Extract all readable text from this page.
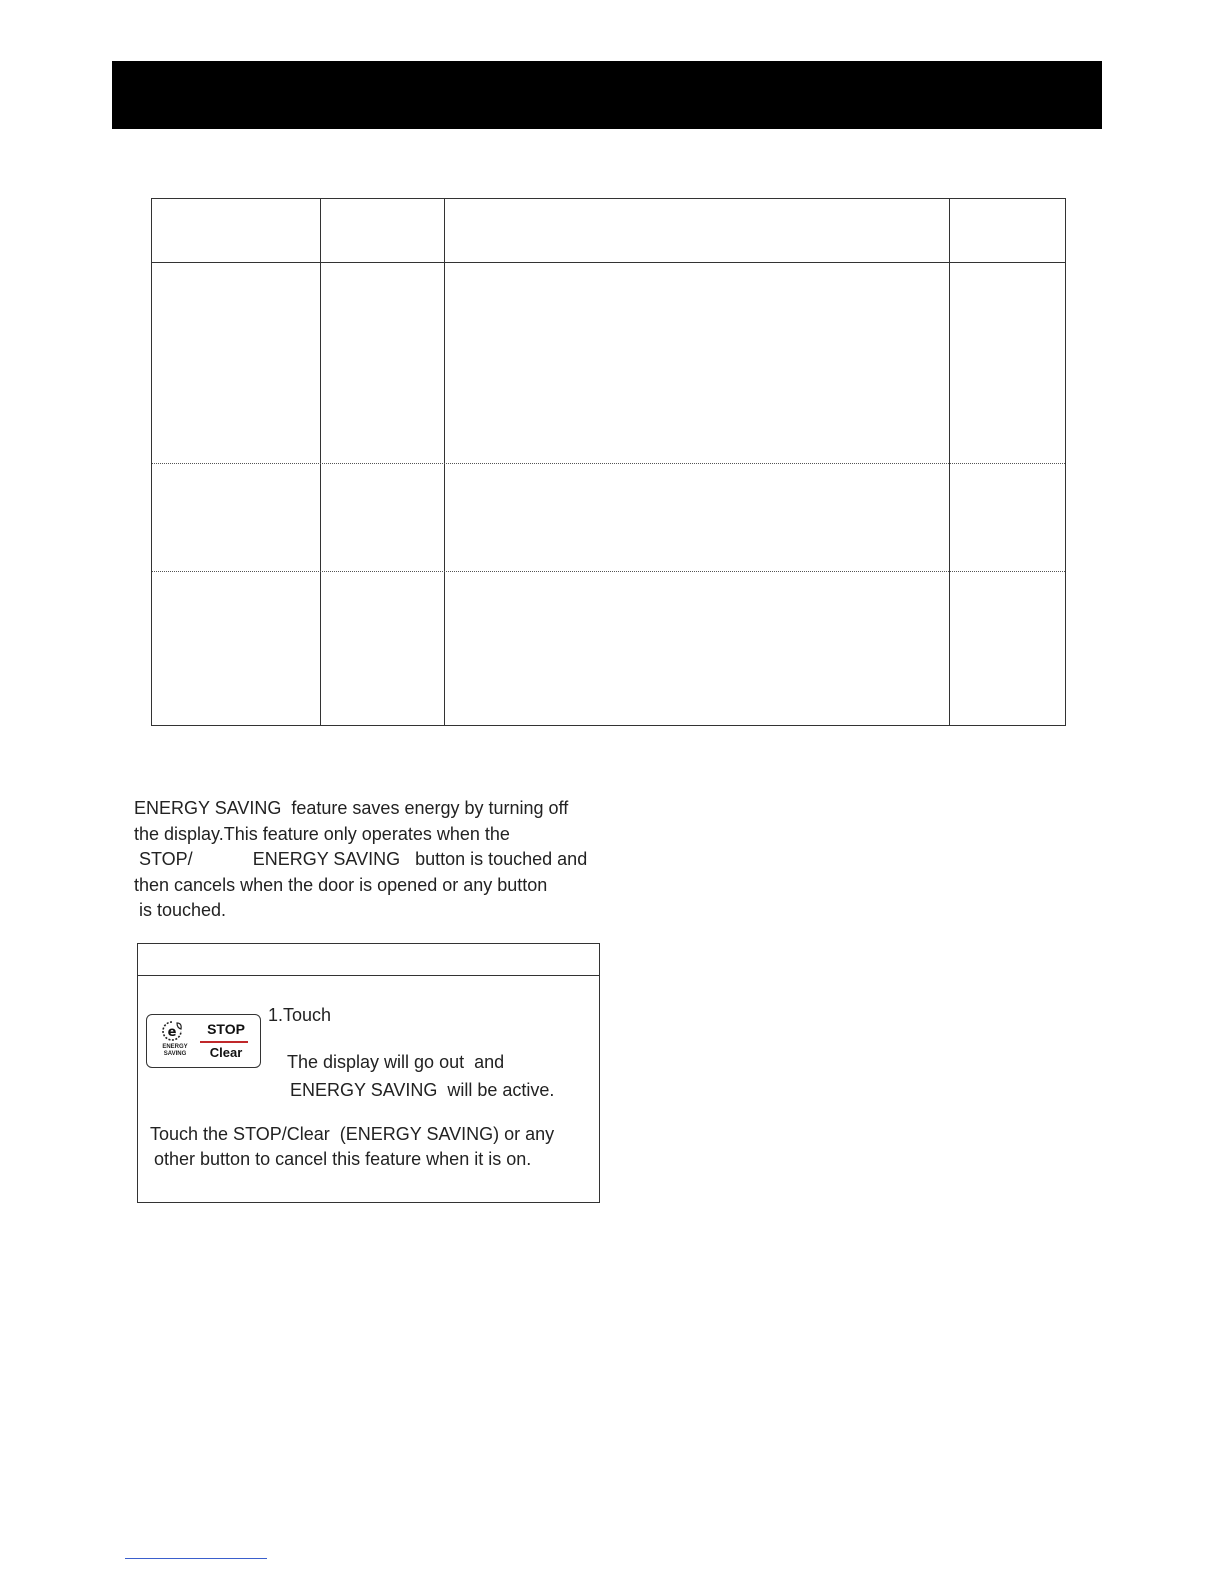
ENERGY SAVING  feature saves energy by turning off
the display.This feature only operates when the
STOP/            ENERGY SAVING   button is touched and
then cancels when the door is opened or any button
is touched.
e
ENERGY
SAVING
STOP
Clear
1.Touch
The display will go out  and
ENERGY SAVING  will be active.
Touch the STOP/Clear  (ENERGY SAVING) or any
other button to cancel this feature when it is on.
